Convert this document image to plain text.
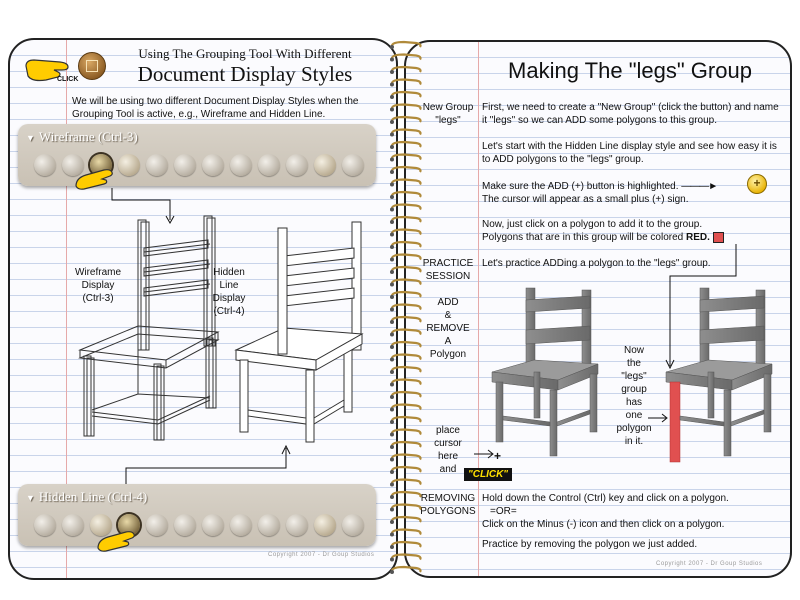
CLICK
Using The Grouping Tool With Different
Document Display Styles
We will be using two different Document Display Styles when the Grouping Tool is active, e.g., Wireframe and Hidden Line.
▼ Wireframe (Ctrl-3)
Wireframe
Display
(Ctrl-3)
Hidden
Line
Display
(Ctrl-4)
▼ Hidden Line (Ctrl-4)
Copyright 2007 - Dr Goup Studios
Making The "legs" Group
New Group
"legs"
PRACTICE
SESSION
ADD
&
REMOVE
A
Polygon
place
cursor
here
and
REMOVING
POLYGONS
First, we need to create a "New Group" (click the button) and name it "legs" so we can ADD some polygons to this group.
Let's start with the Hidden Line display style and see how easy it is to ADD polygons to the "legs" group.
Make sure the ADD (+) button is highlighted. ———►
The cursor will appear as a small plus (+) sign.
+
Now, just click on a polygon to add it to the group.
Polygons that are in this group will be colored RED.
Let's practice ADDing a polygon to the "legs" group.
+
"CLICK"
Now
the
"legs"
group
has
one
polygon
in it.
Hold down the Control (Ctrl) key and click on a polygon.
=OR=
Click on the Minus (-) icon and then click on a polygon.
Practice by removing the polygon we just added.
Copyright 2007 - Dr Goup Studios
